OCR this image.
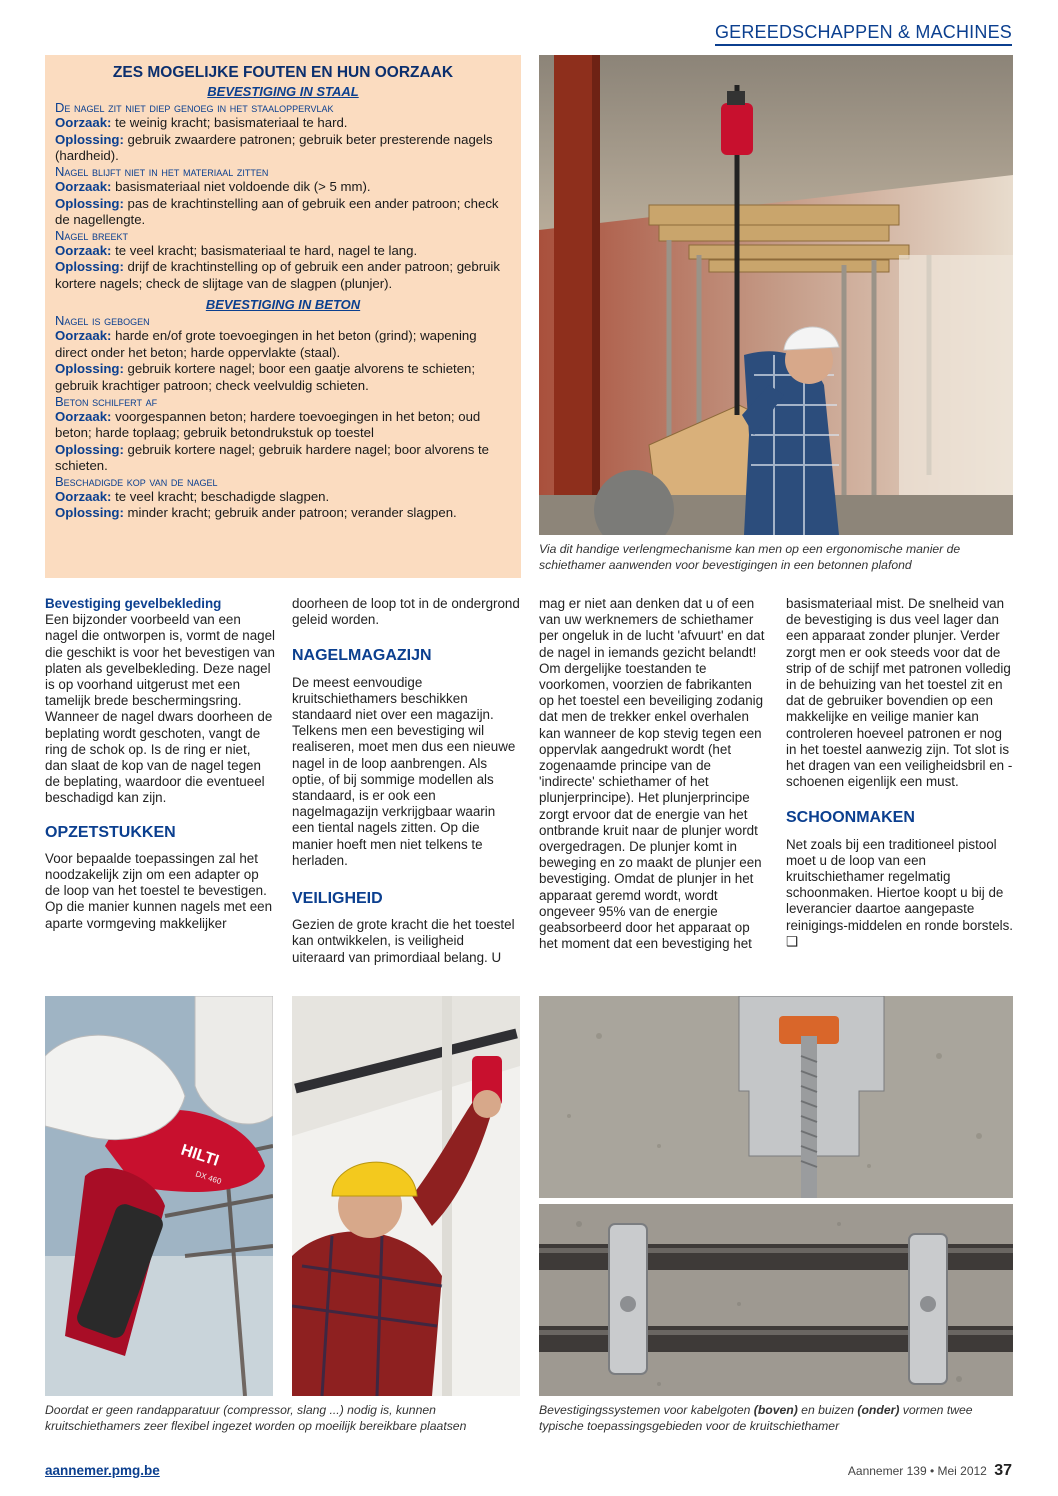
GEREEDSCHAPPEN & MACHINES
ZES MOGELIJKE FOUTEN EN HUN OORZAAK
BEVESTIGING IN STAAL
De nagel zit niet diep genoeg in het staaloppervlak

Oorzaak: te weinig kracht; basismateriaal te hard.

Oplossing: gebruik zwaardere patronen; gebruik beter presterende nagels (hardheid).

Nagel blijft niet in het materiaal zitten

Oorzaak: basismateriaal niet voldoende dik (> 5 mm).

Oplossing: pas de krachtinstelling aan of gebruik een ander patroon; check de nagellengte.

Nagel breekt

Oorzaak: te veel kracht; basismateriaal te hard, nagel te lang.

Oplossing: drijf de krachtinstelling op of gebruik een ander patroon; gebruik kortere nagels; check de slijtage van de slagpen (plunjer).

BEVESTIGING IN BETON
Nagel is gebogen

Oorzaak: harde en/of grote toevoegingen in het beton (grind); wapening direct onder het beton; harde oppervlakte (staal).

Oplossing: gebruik kortere nagel; boor een gaatje alvorens te schieten; gebruik krachtiger patroon; check veelvuldig schieten.

Beton schilfert af

Oorzaak: voorgespannen beton; hardere toevoegingen in het beton; oud beton; harde toplaag; gebruik betondrukstuk op toestel

Oplossing: gebruik kortere nagel; gebruik hardere nagel; boor alvorens te schieten.

Beschadigde kop van de nagel

Oorzaak: te veel kracht; beschadigde slagpen.

Oplossing: minder kracht; gebruik ander patroon; verander slagpen.

Via dit handige verlengmechanisme kan men op een ergonomische manier de schiethamer aanwenden voor bevestigingen in een betonnen plafond
Bevestiging gevelbekleding

Een bijzonder voorbeeld van een nagel die ontworpen is, vormt de nagel die geschikt is voor het bevestigen van platen als gevelbekleding. Deze nagel is op voorhand uitgerust met een tamelijk brede beschermingsring. Wanneer de nagel dwars doorheen de beplating wordt geschoten, vangt de ring de schok op. Is de ring er niet, dan slaat de kop van de nagel tegen de beplating, waardoor die eventueel beschadigd kan zijn.

OPZETSTUKKEN

Voor bepaalde toepassingen zal het noodzakelijk zijn om een adapter op de loop van het toestel te bevestigen. Op die manier kunnen nagels met een aparte vormgeving makkelijker

doorheen de loop tot in de ondergrond geleid worden.

NAGELMAGAZIJN

De meest eenvoudige kruitschiethamers beschikken standaard niet over een magazijn. Telkens men een bevestiging wil realiseren, moet men dus een nieuwe nagel in de loop aanbrengen. Als optie, of bij sommige modellen als standaard, is er ook een nagelmagazijn verkrijgbaar waarin een tiental nagels zitten. Op die manier hoeft men niet telkens te herladen.

VEILIGHEID

Gezien de grote kracht die het toestel kan ontwikkelen, is veiligheid uiteraard van primordiaal belang. U

mag er niet aan denken dat u of een van uw werknemers de schiethamer per ongeluk in de lucht 'afvuurt' en dat de nagel in iemands gezicht belandt! Om dergelijke toestanden te voorkomen, voorzien de fabrikanten op het toestel een beveiliging zodanig dat men de trekker enkel overhalen kan wanneer de kop stevig tegen een oppervlak aangedrukt wordt (het zogenaamde principe van de 'indirecte' schiethamer of het plunjerprincipe). Het plunjerprincipe zorgt ervoor dat de energie van het ontbrande kruit naar de plunjer wordt overgedragen. De plunjer komt in beweging en zo maakt de plunjer een bevestiging. Omdat de plunjer in het apparaat geremd wordt, wordt ongeveer 95% van de energie geabsorbeerd door het apparaat op het moment dat een bevestiging het

basismateriaal mist. De snelheid van de bevestiging is dus veel lager dan een apparaat zonder plunjer. Verder zorgt men er ook steeds voor dat de strip of de schijf met patronen volledig in de behuizing van het toestel zit en dat de gebruiker bovendien op een makkelijke en veilige manier kan controleren hoeveel patronen er nog in het toestel aanwezig zijn. Tot slot is het dragen van een veiligheidsbril en -schoenen eigenlijk een must.

SCHOONMAKEN

Net zoals bij een traditioneel pistool moet u de loop van een kruitschiethamer regelmatig schoonmaken. Hiertoe koopt u bij de leverancier daartoe aangepaste reinigings-middelen en ronde borstels. ❑

HILTI
DX 460
Doordat er geen randapparatuur (compressor, slang ...) nodig is, kunnen kruitschiethamers zeer flexibel ingezet worden op moeilijk bereikbare plaatsen
Bevestigingssystemen voor kabelgoten (boven) en buizen (onder) vormen twee typische toepassingsgebieden voor de kruitschiethamer
aannemer.pmg.be	Aannemer 139 • Mei 2012 37
